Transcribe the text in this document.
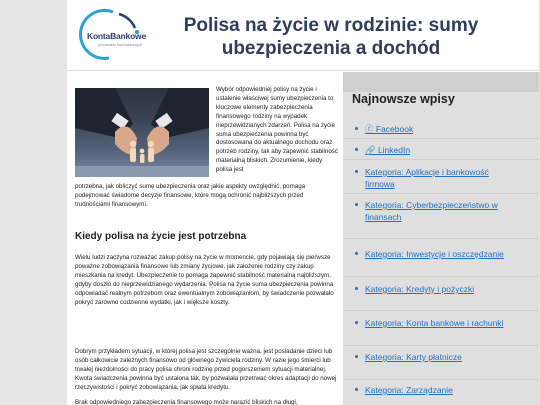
KontaBankowe
porównanie kont bankowych
Polisa na życie w rodzinie: sumy
ubezpieczenia a dochód

Wybór odpowiedniej polisy na życie i ustalenie właściwej sumy ubezpieczenia to kluczowe elementy zabezpieczenia finansowego rodziny na wypadek nieprzewidzianych zdarzeń. Polisa na życie suma ubezpieczenia powinna być dostosowana do aktualnego dochodu oraz potrzeb rodziny, tak aby zapewnić stabilność materialną bliskich. Zrozumienie, kiedy polisa jest

potrzebna, jak obliczyć sumę ubezpieczenia oraz jakie aspekty uwzględnić, pomaga podejmować świadome decyzje finansowe, które mogą ochronić najbliższych przed trudnościami finansowymi.

Kiedy polisa na życie jest potrzebna

Wielu ludzi zaczyna rozważać zakup polisy na życie w momencie, gdy pojawiają się pierwsze poważne zobowiązania finansowe lub zmiany życiowe, jak założenie rodziny czy zakup mieszkania na kredyt. Ubezpieczenie to pomaga zapewnić stabilność materialną najbliższym, gdyby doszło do nieprzewidzianego wydarzenia. Polisa na życie suma ubezpieczenia powinna odpowiadać realnym potrzebom oraz ewentualnym zobowiązaniom, by świadczenie pozwalało pokryć zarówno codzienne wydatki, jak i większe koszty.

Dobrym przykładem sytuacji, w której polisa jest szczególnie ważna, jest posiadanie dzieci lub osób całkowicie zależnych finansowo od głównego żywiciela rodziny. W razie jego śmierci lub trwałej niezdolności do pracy polisa chroni rodzinę przed pogorszeniem sytuacji materialnej. Kwota świadczenia powinna być ustalona tak, by pozwalała przetrwać okres adaptacji do nowej rzeczywistości i pokryć zobowiązania, jak spłata kredytu.

Brak odpowiedniego zabezpieczenia finansowego może narazić bliskich na długi,

Najnowsze wpisy
ⓕ Facebook
🔗 LinkedIn
Kategoria: Aplikacje i bankowość firmowa
Kategoria: Cyberbezpieczeństwo w finansach
Kategoria: Inwestycje i oszczędzanie
Kategoria: Kredyty i pożyczki
Kategoria: Konta bankowe i rachunki
Kategoria: Karty płatnicze
Kategoria: Zarządzanie
